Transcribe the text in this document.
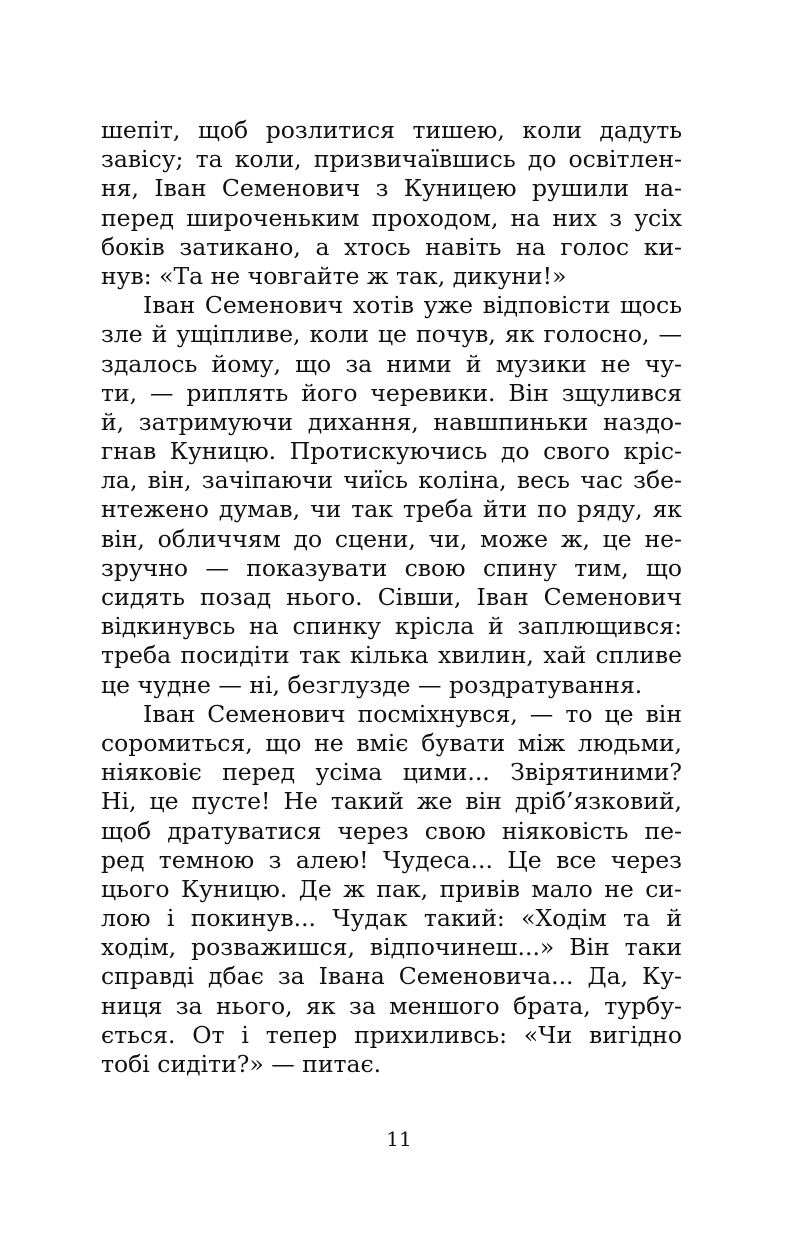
шепіт, щоб розлитися тишею, коли дадуть
завісу; та коли, призвичаївшись до освітлен-
ня, Іван Семенович з Куницею рушили на-
перед широченьким проходом, на них з усіх
боків затикано, а хтось навіть на голос ки-
нув: «Та не човгайте ж так, дикуни!»
Іван Семенович хотів уже відповісти щось
зле й ущіпливе, коли це почув, як голосно, —
здалось йому, що за ними й музики не чу-
ти, — риплять його черевики. Він зщулився
й, затримуючи дихання, навшпиньки наздо-
гнав Куницю. Протискуючись до свого кріс-
ла, він, зачіпаючи чиїсь коліна, весь час збе-
нтежено думав, чи так треба йти по ряду, як
він, обличчям до сцени, чи, може ж, це не-
зручно — показувати свою спину тим, що
сидять позад нього. Сівши, Іван Семенович
відкинувсь на спинку крісла й заплющився:
треба посидіти так кілька хвилин, хай спливе
це чудне — ні, безглузде — роздратування.
Іван Семенович посміхнувся, — то це він
соромиться, що не вміє бувати між людьми,
ніяковіє перед усіма цими... Звірятиними?
Ні, це пусте! Не такий же він дріб’язковий,
щоб дратуватися через свою ніяковість пе-
ред темною з алею! Чудеса... Це все через
цього Куницю. Де ж пак, привів мало не си-
лою і покинув... Чудак такий: «Ходім та й
ходім, розважишся, відпочинеш...» Він таки
справді дбає за Івана Семеновича... Да, Ку-
ниця за нього, як за меншого брата, турбу-
ється. От і тепер прихиливсь: «Чи вигідно
тобі сидіти?» — питає.
11
